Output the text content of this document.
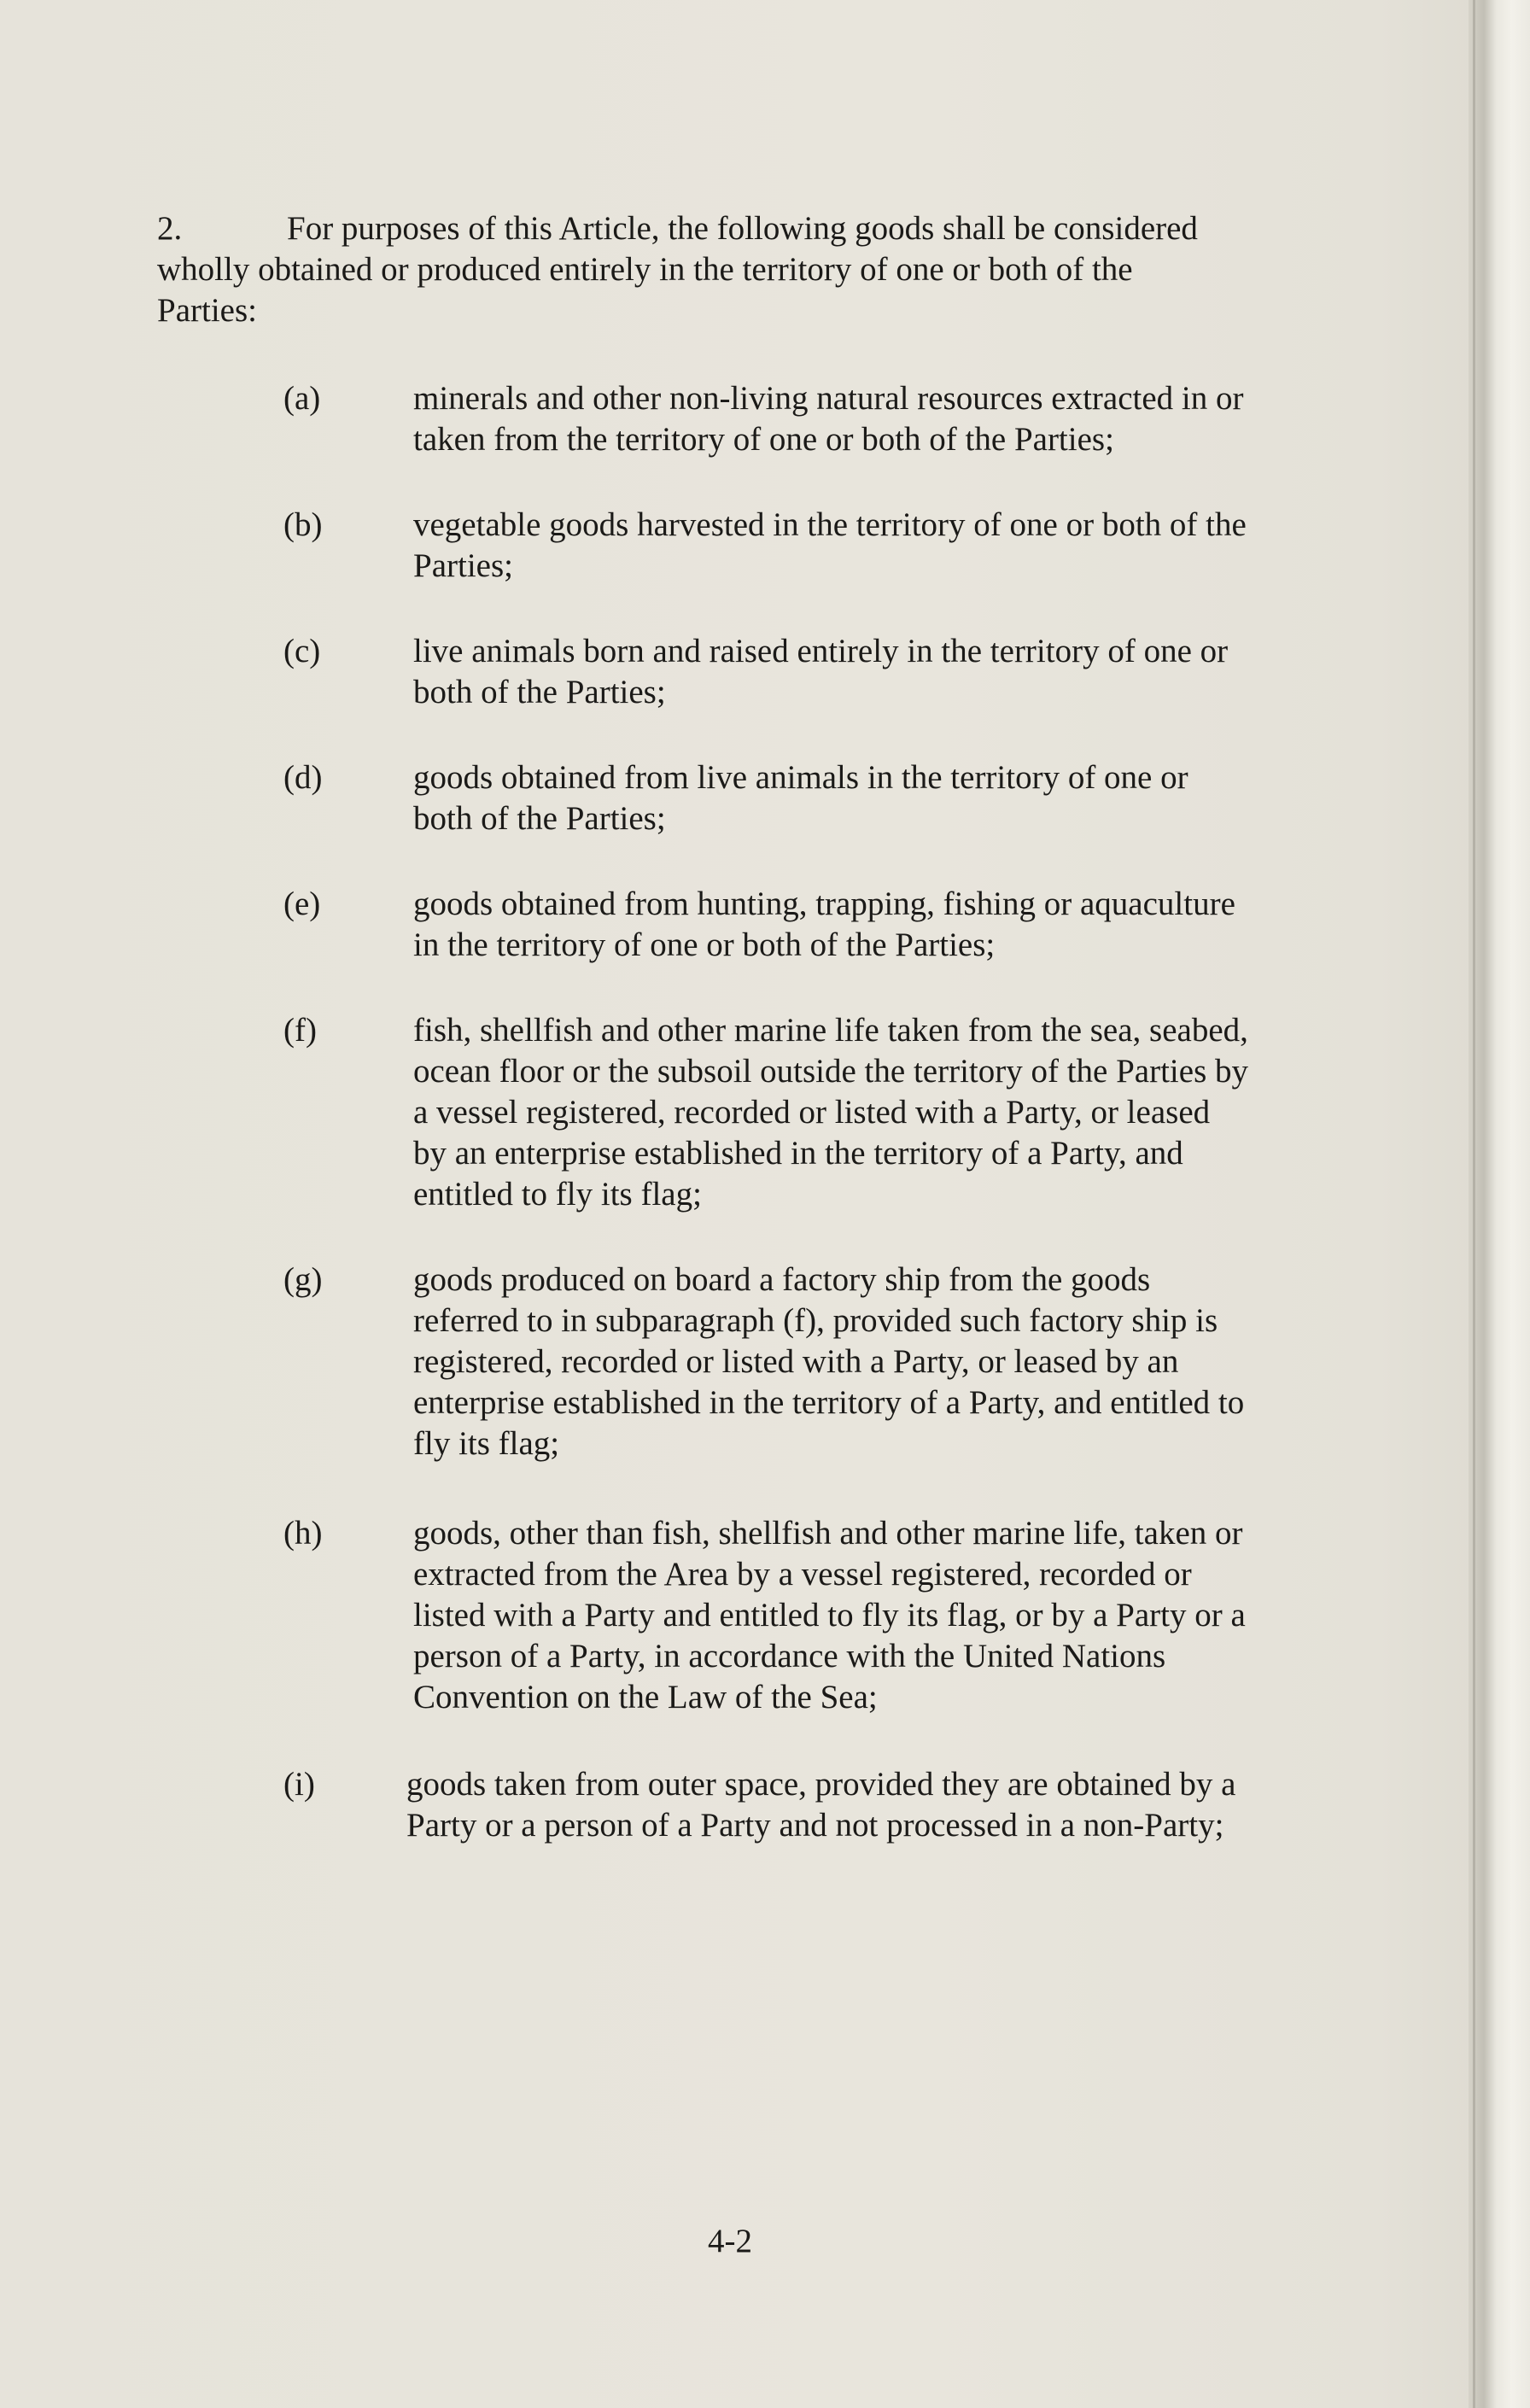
2.	For purposes of this Article, the following goods shall be considered
wholly obtained or produced entirely in the territory of one or both of the
Parties:
(a)	minerals and other non-living natural resources extracted in or
taken from the territory of one or both of the Parties;
(b)	vegetable goods harvested in the territory of one or both of the
Parties;
(c)	live animals born and raised entirely in the territory of one or
both of the Parties;
(d)	goods obtained from live animals in the territory of one or
both of the Parties;
(e)	goods obtained from hunting, trapping, fishing or aquaculture
in the territory of one or both of the Parties;
(f)	fish, shellfish and other marine life taken from the sea, seabed,
ocean floor or the subsoil outside the territory of the Parties by
a vessel registered, recorded or listed with a Party, or leased
by an enterprise established in the territory of a Party, and
entitled to fly its flag;
(g)	goods produced on board a factory ship from the goods
referred to in subparagraph (f), provided such factory ship is
registered, recorded or listed with a Party, or leased by an
enterprise established in the territory of a Party, and entitled to
fly its flag;
(h)	goods, other than fish, shellfish and other marine life, taken or
extracted from the Area by a vessel registered, recorded or
listed with a Party and entitled to fly its flag, or by a Party or a
person of a Party, in accordance with the United Nations
Convention on the Law of the Sea;
(i)	goods taken from outer space, provided they are obtained by a
Party or a person of a Party and not processed in a non-Party;
4-2
